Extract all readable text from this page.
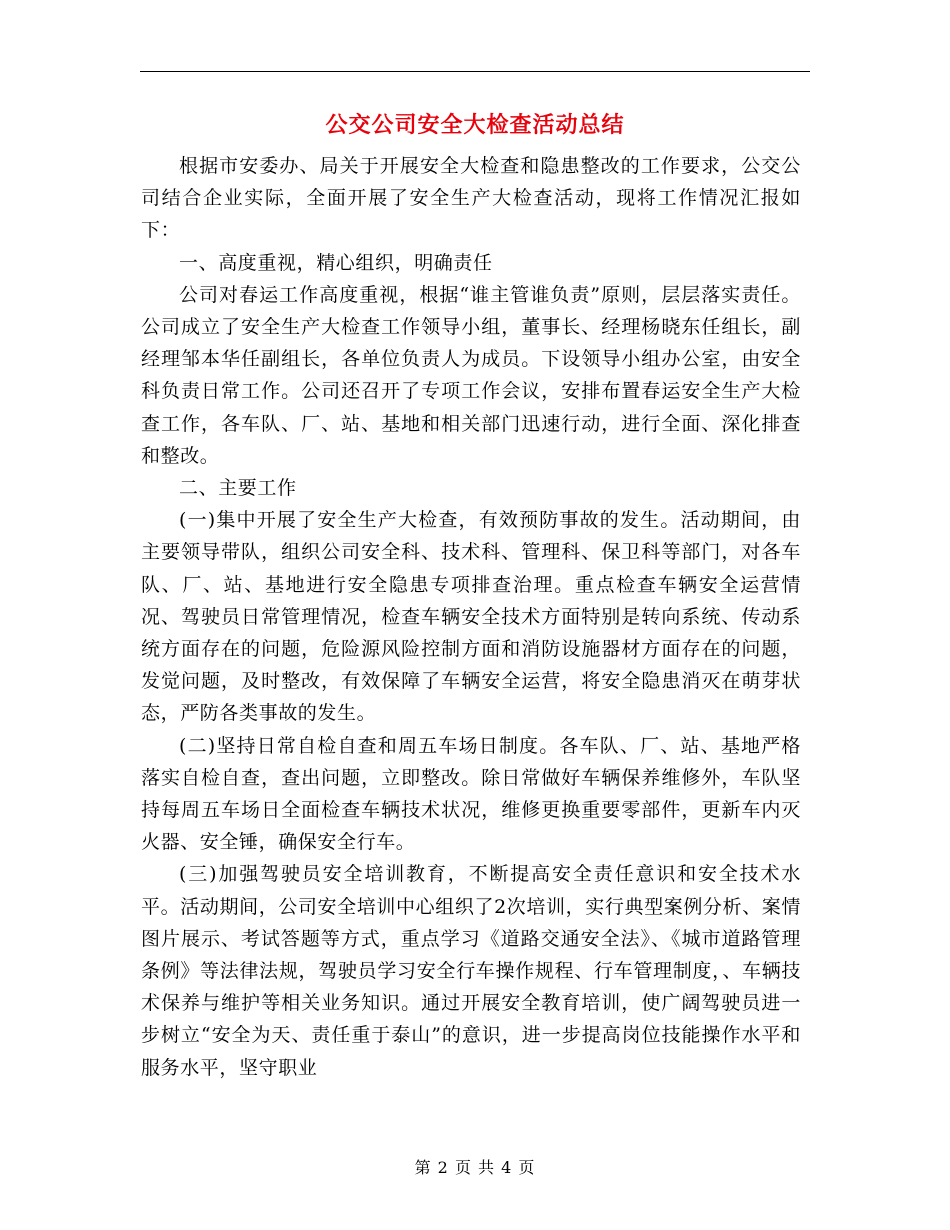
公交公司安全大检查活动总结

根据市安委办、局关于开展安全大检查和隐患整改的工作要求，公交公司结合企业实际，全面开展了安全生产大检查活动，现将工作情况汇报如下：

一、高度重视，精心组织，明确责任

公司对春运工作高度重视，根据“谁主管谁负责”原则，层层落实责任。公司成立了安全生产大检查工作领导小组，董事长、经理杨晓东任组长，副经理邹本华任副组长，各单位负责人为成员。下设领导小组办公室，由安全科负责日常工作。公司还召开了专项工作会议，安排布置春运安全生产大检查工作，各车队、厂、站、基地和相关部门迅速行动，进行全面、深化排查和整改。

二、主要工作

(一)集中开展了安全生产大检查，有效预防事故的发生。活动期间，由主要领导带队，组织公司安全科、技术科、管理科、保卫科等部门，对各车队、厂、站、基地进行安全隐患专项排查治理。重点检查车辆安全运营情况、驾驶员日常管理情况，检查车辆安全技术方面特别是转向系统、传动系统方面存在的问题，危险源风险控制方面和消防设施器材方面存在的问题，发觉问题，及时整改，有效保障了车辆安全运营，将安全隐患消灭在萌芽状态，严防各类事故的发生。

(二)坚持日常自检自查和周五车场日制度。各车队、厂、站、基地严格落实自检自查，查出问题，立即整改。除日常做好车辆保养维修外，车队坚持每周五车场日全面检查车辆技术状况，维修更换重要零部件，更新车内灭火器、安全锤，确保安全行车。

(三)加强驾驶员安全培训教育，不断提高安全责任意识和安全技术水平。活动期间，公司安全培训中心组织了2次培训，实行典型案例分析、案情图片展示、考试答题等方式，重点学习《道路交通安全法》、《城市道路管理条例》等法律法规，驾驶员学习安全行车操作规程、行车管理制度，、车辆技术保养与维护等相关业务知识。通过开展安全教育培训，使广阔驾驶员进一步树立“安全为天、责任重于泰山”的意识，进一步提高岗位技能操作水平和服务水平，坚守职业

第 2 页 共 4 页
